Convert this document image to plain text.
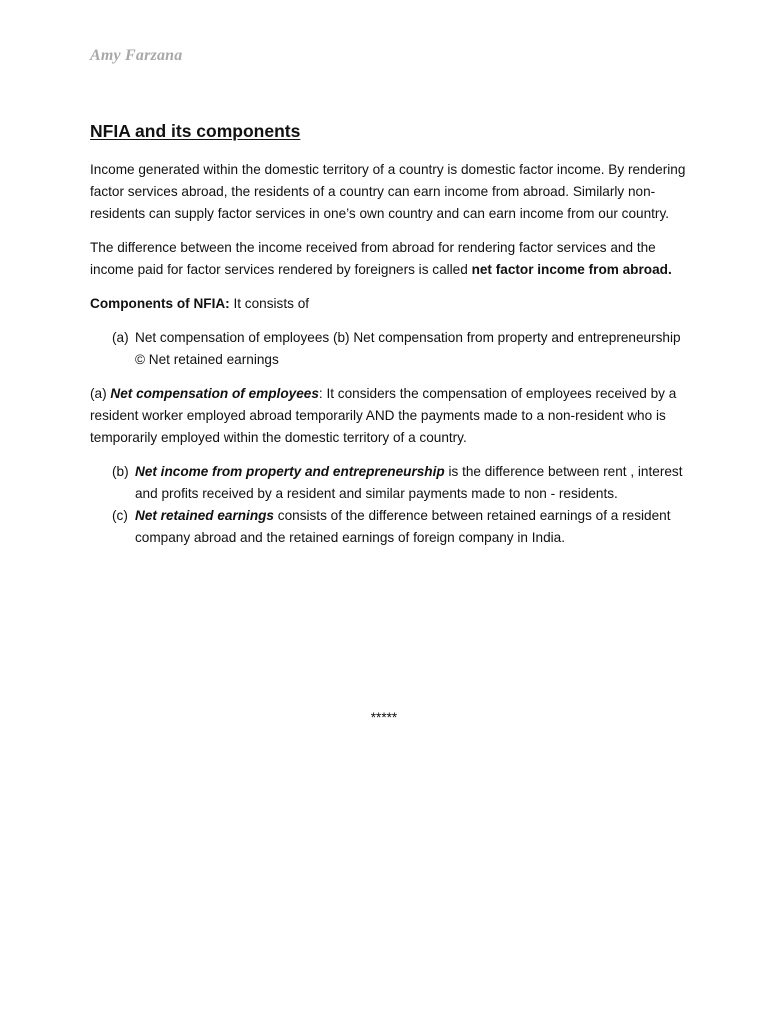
Amy Farzana
NFIA and its components

Income generated within the domestic territory of a country is domestic factor income. By rendering factor services abroad, the residents of a country can earn income from abroad. Similarly non-residents can supply factor services in one’s own country and can earn income from our country.

The difference between the income received from abroad for rendering factor services and the income paid for factor services rendered by foreigners is called net factor income from abroad.

Components of NFIA: It consists of

(a) Net compensation of employees (b) Net compensation from property and entrepreneurship © Net retained earnings

(a) Net compensation of employees: It considers the compensation of employees received by a resident worker employed abroad temporarily AND the payments made to a non-resident who is temporarily employed within the domestic territory of a country.

(b) Net income from property and entrepreneurship is the difference between rent , interest and profits received by a resident and similar payments made to non - residents.
(c) Net retained earnings consists of the difference between retained earnings of a resident company abroad and the retained earnings of foreign company in India.
*****
